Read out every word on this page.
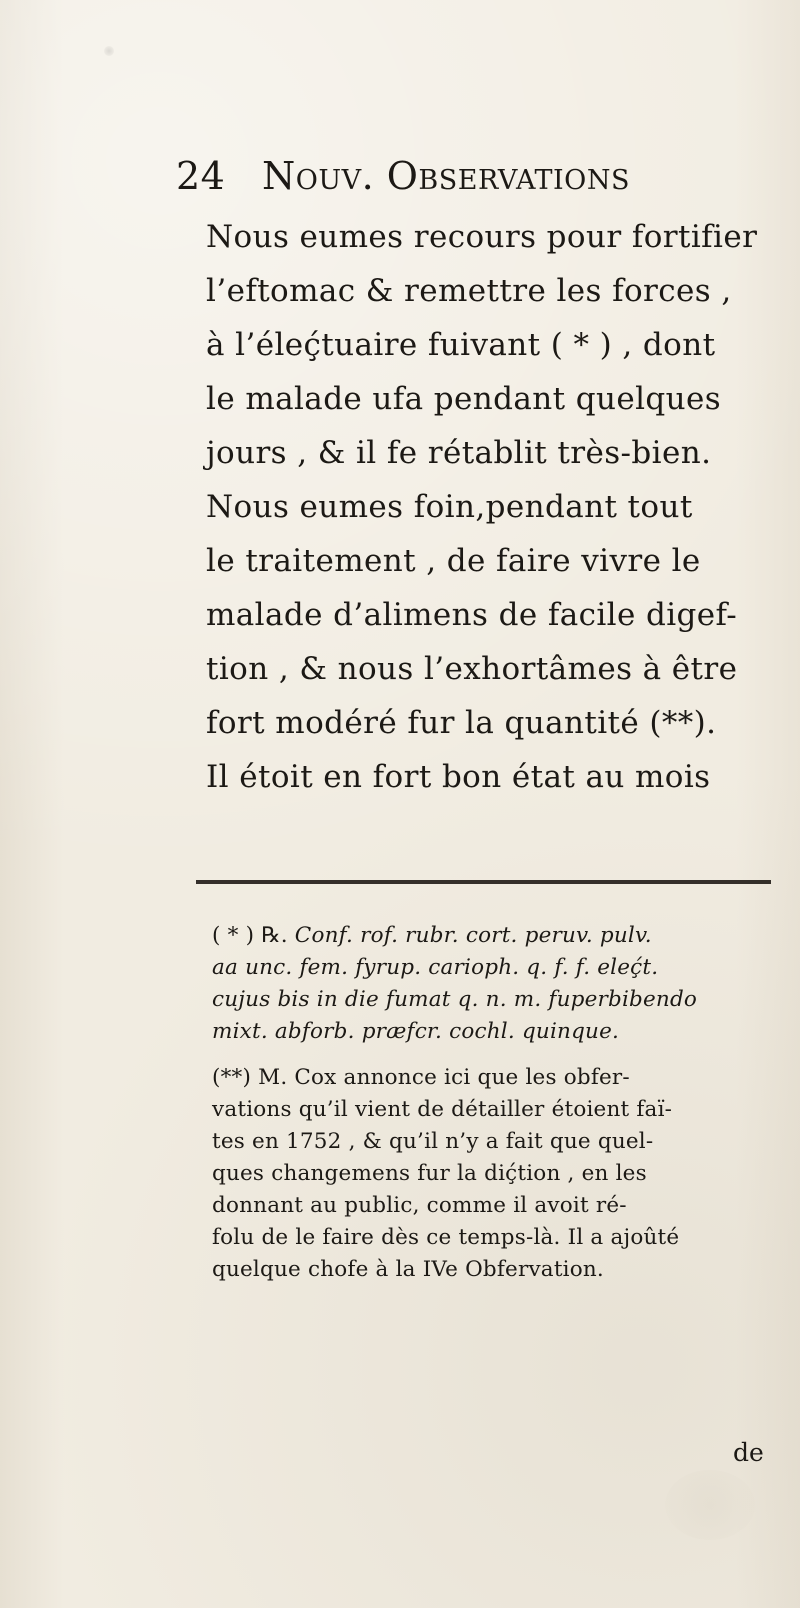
24 Nouv. Observations
Nous eumes recours pour fortifier
l’eftomac & remettre les forces ,
à l’éleḉtuaire fuivant ( * ) , dont
le malade ufa pendant quelques
jours , & il fe rétablit très-bien.
Nous eumes foin,pendant tout
le traitement , de faire vivre le
malade d’alimens de facile digef-
tion , & nous l’exhortâmes à être
fort modéré fur la quantité (**).
Il étoit en fort bon état au mois
( * ) ℞. Conf. rof. rubr. cort. peruv. pulv.
aa unc. fem. fyrup. carioph. q. f. f. eleḉt.
cujus bis in die fumat q. n. m. fuperbibendo
mixt. abforb. præfcr. cochl. quinque.
(**) M. Cox annonce ici que les obfer-
vations qu’il vient de détailler étoient faï-
tes en 1752 , & qu’il n’y a fait que quel-
ques changemens fur la diḉtion , en les
donnant au public, comme il avoit ré-
folu de le faire dès ce temps-là. Il a ajoûté
quelque chofe à la IVe Obfervation.
de
